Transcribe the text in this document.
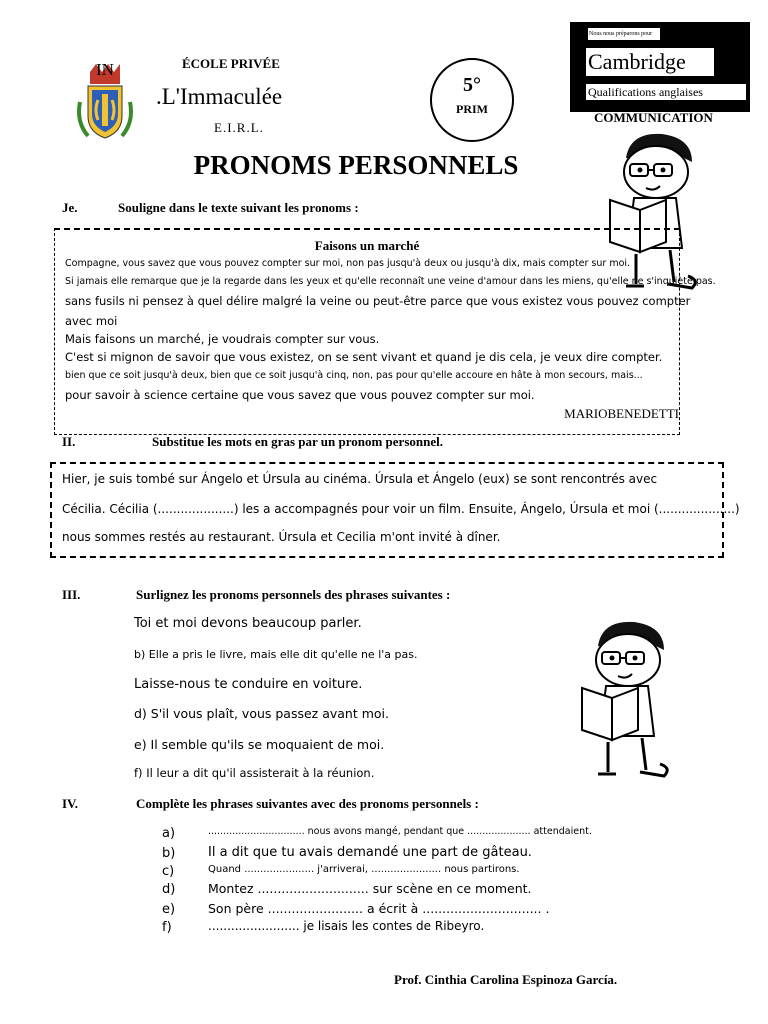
IN	ÉCOLE PRIVÉE
.L'Immaculée
E.I.R.L.
5°
PRIM
Nous nous préparons pour
Cambridge
Qualifications anglaises
COMMUNICATION
PRONOMS PERSONNELS
Je.	Souligne dans le texte suivant les pronoms :
Faisons un marché
Compagne, vous savez que vous pouvez compter sur moi, non pas jusqu'à deux ou jusqu'à dix, mais compter sur moi.
Si jamais elle remarque que je la regarde dans les yeux et qu'elle reconnaît une veine d'amour dans les miens, qu'elle ne s'inquiète pas.
sans fusils ni pensez à quel délire malgré la veine ou peut-être parce que vous existez vous pouvez compter
avec moi
Mais faisons un marché, je voudrais compter sur vous.
C'est si mignon de savoir que vous existez, on se sent vivant et quand je dis cela, je veux dire compter.
bien que ce soit jusqu'à deux, bien que ce soit jusqu'à cinq, non, pas pour qu'elle accoure en hâte à mon secours, mais...
pour savoir à science certaine que vous savez que vous pouvez compter sur moi.
MARIOBENEDETTI
II.	Substitue les mots en gras par un pronom personnel.
Hier, je suis tombé sur Ángelo et Úrsula au cinéma. Úrsula et Ángelo (eux) se sont rencontrés avec
Cécilia. Cécilia (....................) les a accompagnés pour voir un film. Ensuite, Ángelo, Úrsula et moi (....................)
nous sommes restés au restaurant. Úrsula et Cecilia m'ont invité à dîner.
III.	Surlignez les pronoms personnels des phrases suivantes :
Toi et moi devons beaucoup parler.
b) Elle a pris le livre, mais elle dit qu'elle ne l'a pas.
Laisse-nous te conduire en voiture.
d) S'il vous plaît, vous passez avant moi.
e) Il semble qu'ils se moquaient de moi.
f) Il leur a dit qu'il assisterait à la réunion.
IV.	Complète les phrases suivantes avec des pronoms personnels :
a)	................................ nous avons mangé, pendant que ..................... attendaient.
b)	Il a dit que tu avais demandé une part de gâteau.
c)	Quand ...................... j'arriverai, ...................... nous partirons.
d)	Montez ............................ sur scène en ce moment.
e)	Son père ........................ a écrit à .............................. .
f)	........................ je lisais les contes de Ribeyro.
Prof. Cinthia Carolina Espinoza García.
